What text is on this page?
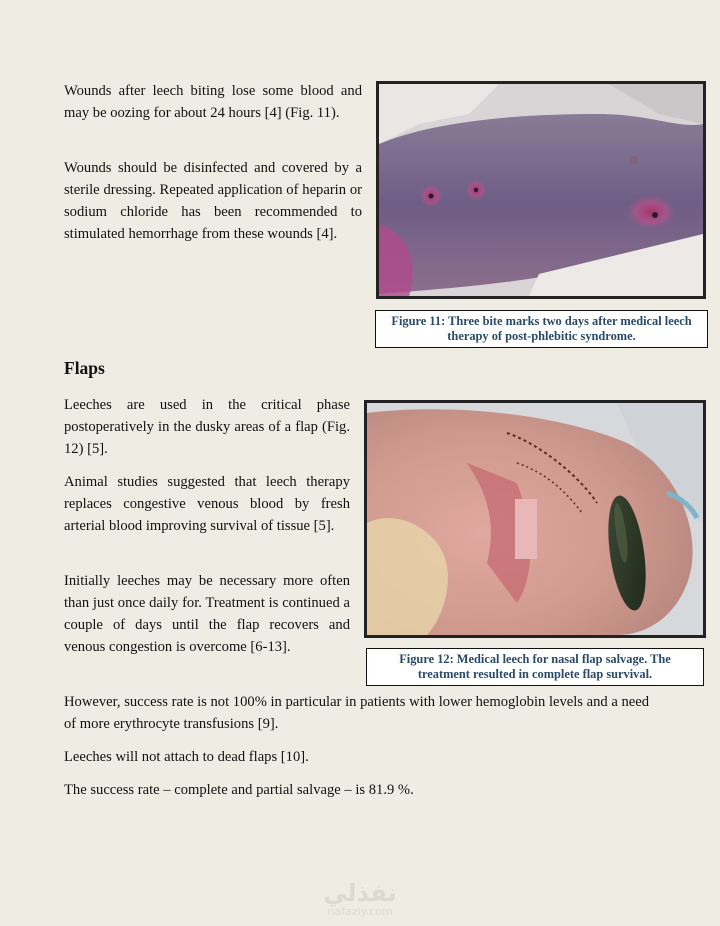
Wounds after leech biting lose some blood and may be oozing for about 24 hours [4] (Fig. 11).

Wounds should be disinfected and covered by a sterile dressing. Repeated application of heparin or sodium chloride has been recommended to stimulated hemorrhage from these wounds [4].

Figure 11: Three bite marks two days after medical leech therapy of post-phlebitic syndrome.
Flaps

Leeches are used in the critical phase postoperatively in the dusky areas of a flap (Fig. 12) [5].

Animal studies suggested that leech therapy replaces congestive venous blood by fresh arterial blood improving survival of tissue [5].

Initially leeches may be necessary more often than just once daily for. Treatment is continued a couple of days until the flap recovers and venous congestion is overcome [6-13].

Figure 12: Medical leech for nasal flap salvage. The treatment resulted in complete flap survival.

However, success rate is not 100% in particular in patients with lower hemoglobin levels and a need of more erythrocyte transfusions [9].

Leeches will not attach to dead flaps [10].

The success rate – complete and partial salvage – is 81.9 %.

نفذلي
nafazly.com
